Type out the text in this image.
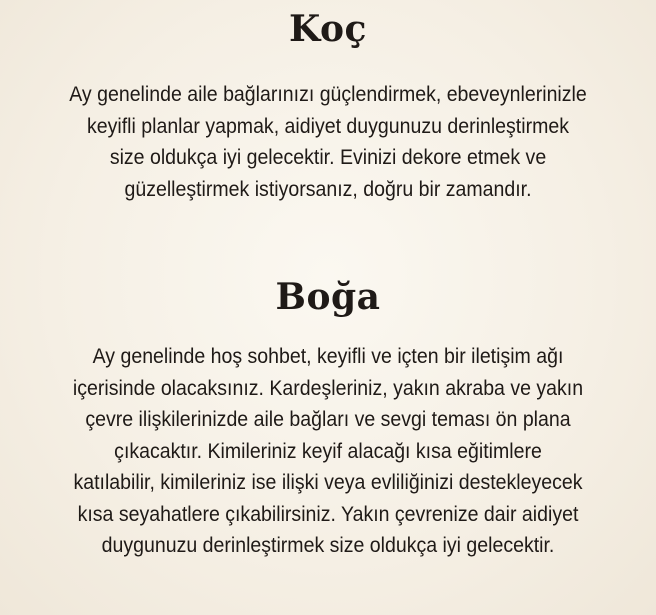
Koç
Ay genelinde aile bağlarınızı güçlendirmek, ebeveynlerinizle
keyifli planlar yapmak, aidiyet duygunuzu derinleştirmek
size oldukça iyi gelecektir. Evinizi dekore etmek ve
güzelleştirmek istiyorsanız, doğru bir zamandır.
Boğa
Ay genelinde hoş sohbet, keyifli ve içten bir iletişim ağı
içerisinde olacaksınız. Kardeşleriniz, yakın akraba ve yakın
çevre ilişkilerinizde aile bağları ve sevgi teması ön plana
çıkacaktır. Kimileriniz keyif alacağı kısa eğitimlere
katılabilir, kimileriniz ise ilişki veya evliliğinizi destekleyecek
kısa seyahatlere çıkabilirsiniz. Yakın çevrenize dair aidiyet
duygunuzu derinleştirmek size oldukça iyi gelecektir.
